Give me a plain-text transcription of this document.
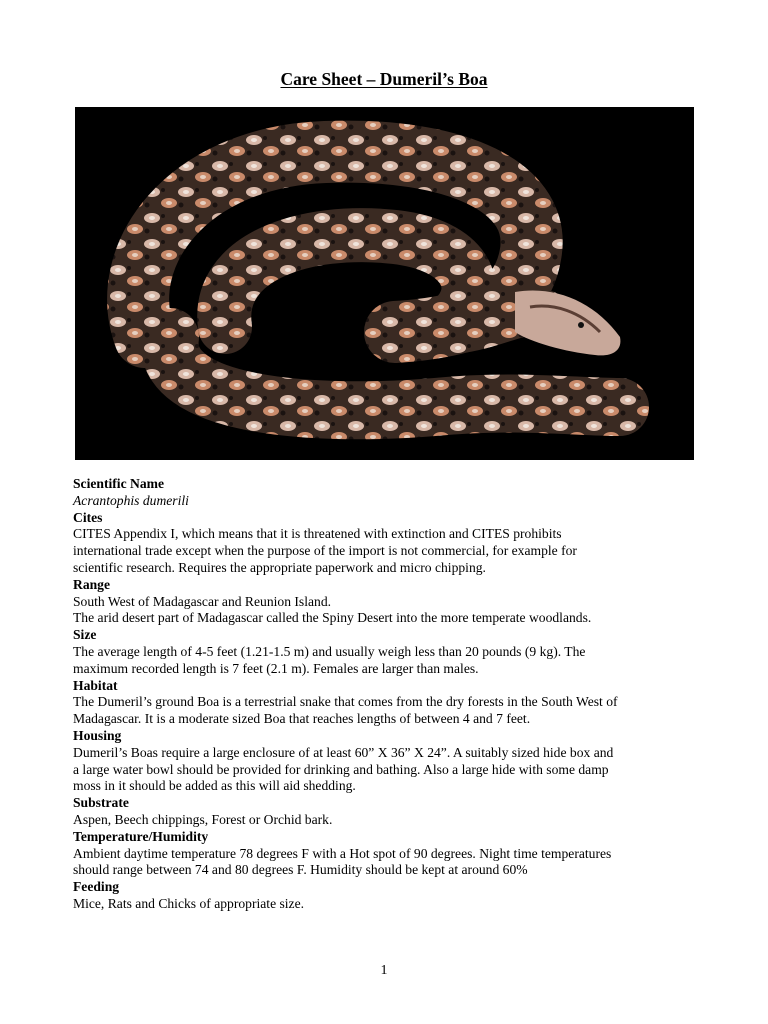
Care Sheet – Dumeril’s Boa

Scientific Name

Acrantophis dumerili

Cites

CITES Appendix I, which means that it is threatened with extinction and CITES prohibits

international trade except when the purpose of the import is not commercial, for example for

scientific research. Requires the appropriate paperwork and micro chipping.

Range

South West of Madagascar and Reunion Island.

The arid desert part of Madagascar called the Spiny Desert into the more temperate woodlands.

Size

The average length of 4-5 feet (1.21-1.5 m) and usually weigh less than 20 pounds (9 kg). The

maximum recorded length is 7 feet (2.1 m). Females are larger than males.

Habitat

The Dumeril’s ground Boa is a terrestrial snake that comes from the dry forests in the South West of

Madagascar. It is a moderate sized Boa that reaches lengths of between 4 and 7 feet.

Housing

Dumeril’s Boas require a large enclosure of at least 60” X 36” X 24”. A suitably sized hide box and

a large water bowl should be provided for drinking and bathing. Also a large hide with some damp

moss in it should be added as this will aid shedding.

Substrate

Aspen, Beech chippings, Forest or Orchid bark.

Temperature/Humidity

Ambient daytime temperature 78 degrees F with a Hot spot of 90 degrees. Night time temperatures

should range between 74 and 80 degrees F. Humidity should be kept at around 60%

Feeding

Mice, Rats and Chicks of appropriate size.

1
